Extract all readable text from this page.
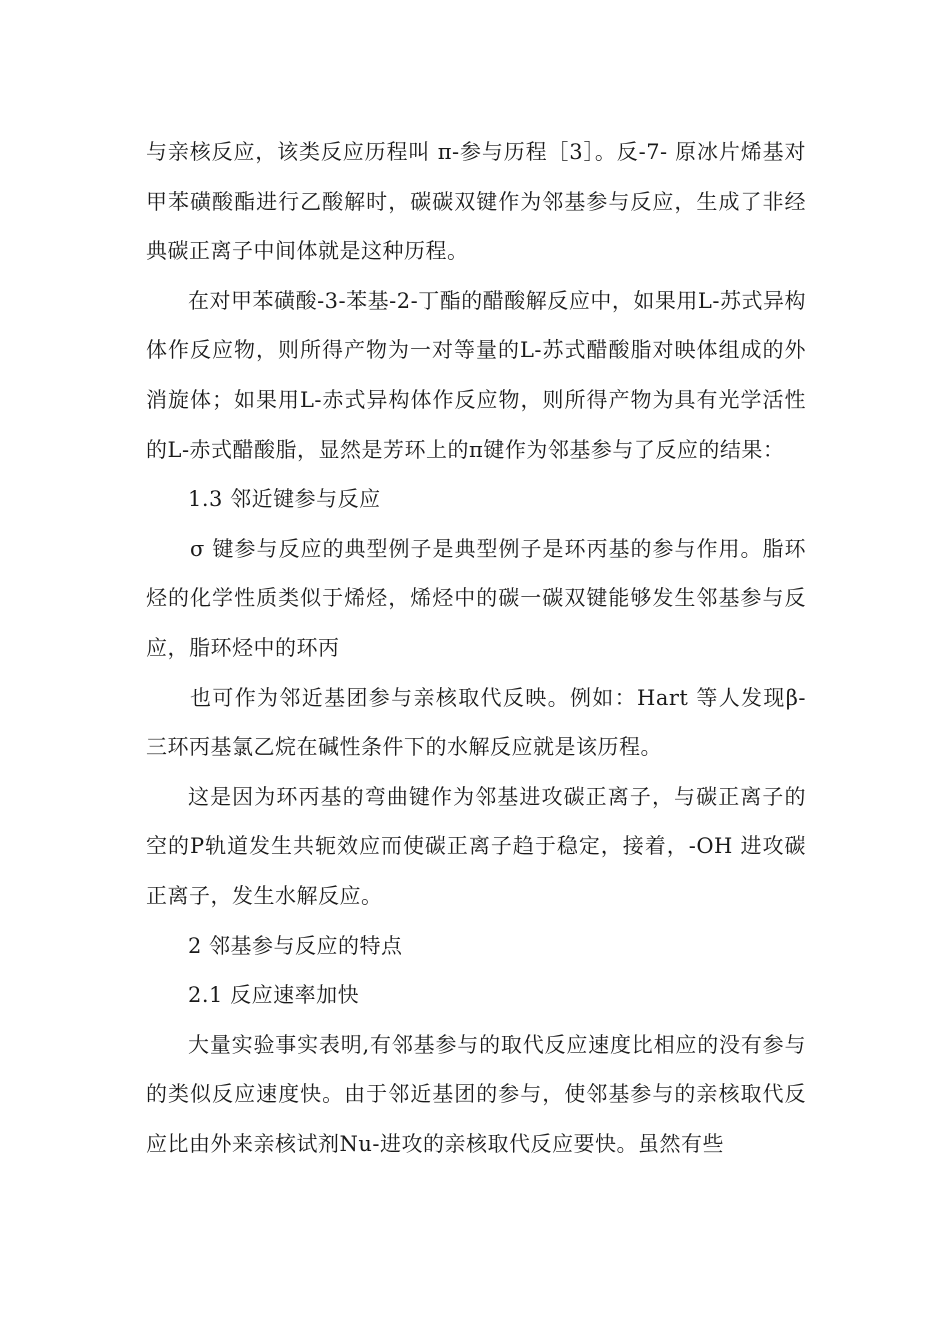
与亲核反应，该类反应历程叫 π-参与历程［3］。反-7- 原冰片烯基对甲苯磺酸酯进行乙酸解时，碳碳双键作为邻基参与反应，生成了非经典碳正离子中间体就是这种历程。

在对甲苯磺酸-3-苯基-2-丁酯的醋酸解反应中，如果用L-苏式异构体作反应物，则所得产物为一对等量的L-苏式醋酸脂对映体组成的外消旋体；如果用L-赤式异构体作反应物，则所得产物为具有光学活性的L-赤式醋酸脂，显然是芳环上的π键作为邻基参与了反应的结果：

1.3 邻近键参与反应

σ 键参与反应的典型例子是典型例子是环丙基的参与作用。脂环烃的化学性质类似于烯烃，烯烃中的碳一碳双键能够发生邻基参与反应，脂环烃中的环丙

也可作为邻近基团参与亲核取代反映。例如：Hart 等人发现β-三环丙基氯乙烷在碱性条件下的水解反应就是该历程。

这是因为环丙基的弯曲键作为邻基进攻碳正离子，与碳正离子的空的P轨道发生共轭效应而使碳正离子趋于稳定，接着，-OH 进攻碳正离子，发生水解反应。

2 邻基参与反应的特点

2.1 反应速率加快

大量实验事实表明,有邻基参与的取代反应速度比相应的没有参与的类似反应速度快。由于邻近基团的参与，使邻基参与的亲核取代反应比由外来亲核试剂Nu-进攻的亲核取代反应要快。虽然有些
